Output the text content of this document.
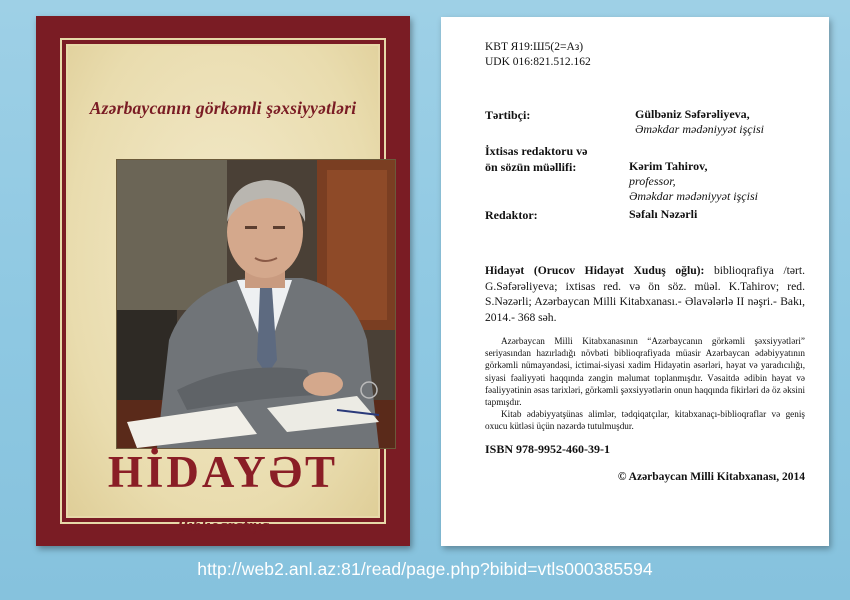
Azərbaycanın görkəmli şəxsiyyətləri
HİDAYƏT
Biblioqrafiya
KBT Я19:Ш5(2=Аз)
UDK 016:821.512.162
Tərtibçi:	Gülbəniz Səfərəliyeva,
Əməkdar mədəniyyət işçisi
İxtisas redaktoru və
ön sözün müəllifi:	Kərim Tahirov,
professor,
Əməkdar mədəniyyət işçisi
Redaktor:	Səfalı Nəzərli
Hidayət (Orucov Hidayət Xuduş oğlu): biblioqrafiya /tərt. G.Səfərəliyeva; ixtisas red. və ön söz. müəl. K.Tahirov; red. S.Nəzərli; Azərbaycan Milli Kitabxanası.- Əlavələrlə II nəşri.- Bakı, 2014.- 368 səh.

Azərbaycan Milli Kitabxanasının “Azərbaycanın görkəmli şəxsiyyətləri” seriyasından hazırladığı növbəti biblioqrafiyada müasir Azərbaycan ədəbiyyatının görkəmli nümayəndəsi, ictimai-siyasi xadim Hidayətin əsərləri, həyat və yaradıcılığı, siyasi fəaliyyəti haqqında zəngin məlumat toplanmışdır. Vəsaitdə ədibin həyat və fəaliyyətinin əsas tarixləri, görkəmli şəxsiyyətlərin onun haqqında fikirləri də öz əksini tapmışdır.

Kitab ədəbiyyatşünas alimlər, tədqiqatçılar, kitabxanaçı-biblioqraflar və geniş oxucu kütləsi üçün nəzərdə tutulmuşdur.

ISBN 978-9952-460-39-1
© Azərbaycan Milli Kitabxanası, 2014
http://web2.anl.az:81/read/page.php?bibid=vtls000385594
